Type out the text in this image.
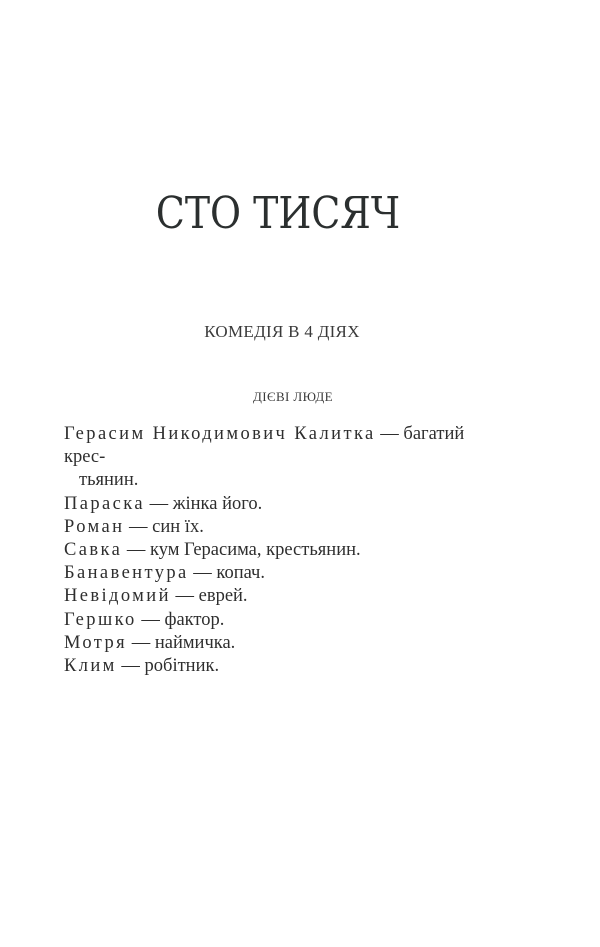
СТО ТИСЯЧ
КОМЕДІЯ В 4 ДІЯХ
ДІЄВІ ЛЮДЕ
Герасим Никодимович Калитка — багатий крес-
тьянин.
Параска — жінка його.
Роман — син їх.
Савка — кум Герасима, крестьянин.
Банавентура — копач.
Невідомий — еврей.
Гершко — фактор.
Мотря — наймичка.
Клим — робітник.
